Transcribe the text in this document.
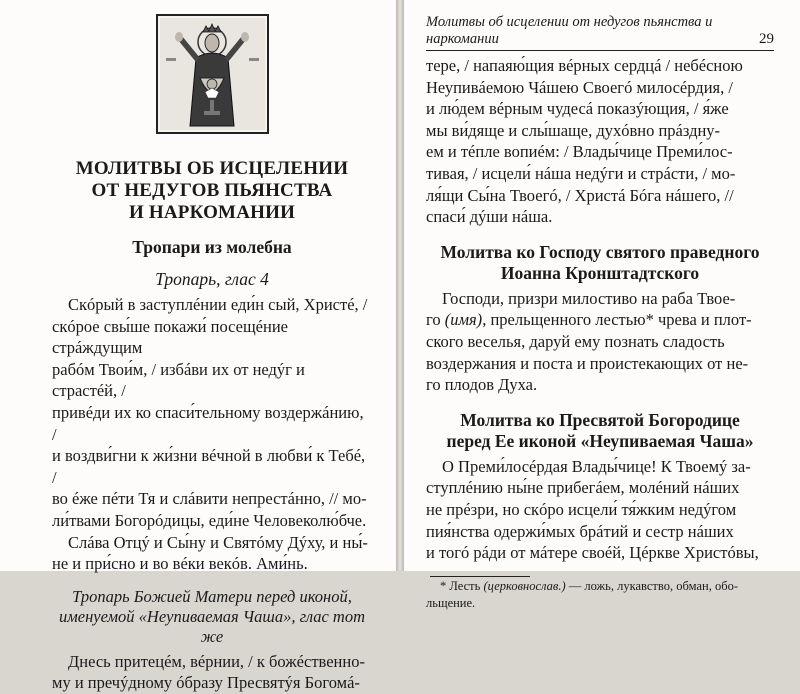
МОЛИТВЫ ОБ ИСЦЕЛЕНИИ
ОТ НЕДУГОВ ПЬЯНСТВА
И НАРКОМАНИИ
Тропари из молебна
Тропарь, глас 4

Скóрый в заступлéнии еди́н сый, Христé, /

скóрое свы́ше покажи́ посещéние стрáждущим

рабóм Твои́м, / избáви их от недýг и страстéй, /

привéди их ко спаси́тельному воздержáнию, /

и воздви́гни к жи́зни вéчной в любви́ к Тебé, /

во éже пéти Тя и слáвити непрестáнно, // мо-

ли́твами Богорóдицы, еди́не Человеколю́бче.

Слáва Отцý и Сы́ну и Святóму Дýху, и ны́-

не и при́сно и во вéки векóв. Ами́нь.

Тропарь Божией Матери перед иконой,
именуемой «Неупиваемая Чаша», глас тот же

Днесь притецéм, вéрнии, / к божéственно-

му и пречýдному óбразу Пресвятýя Богомá-

Молитвы об исцелении от недугов пьянства и наркомании	29

тере, / напаяю́щия вéрных сердцá / небéсною

Неупивáемою Чáшею Своегó милосéрдия, /

и лю́дем вéрным чудесá показýющия, / я́же

мы ви́дяще и слы́шаще, дуxóвно прáздну-

ем и тéпле вопиéм: / Влады́чице Преми́лос-

тивая, / исцели́ нáша недýги и стрáсти, / мо-

ля́щи Сы́на Твоегó, / Христá Бóга нáшего, //

спаси́ дýши нáша.

Молитва ко Господу святого праведного
Иоанна Кронштадтского

Господи, призри милостиво на раба Твое-

го (имя), прельщенного лестью* чрева и плот-

ского веселья, даруй ему познать сладость

воздержания и поста и проистекающих от не-

го плодов Духа.

Молитва ко Пресвятой Богородице
перед Ее иконой «Неупиваемая Чаша»

О Преми́лосéрдая Влады́чице! К Твоемý за-

ступлéнию ны́не прибегáем, молéний нáших

не прéзри, но скóро исцели́ тя́жким недýгом

пия́нства одержи́мых брáтий и сестр нáших

и тогó рáди от мáтере своéй, Цéркве Христóвы,

* Лесть (церковнослав.) — ложь, лукавство, обман, обо-
льщение.
